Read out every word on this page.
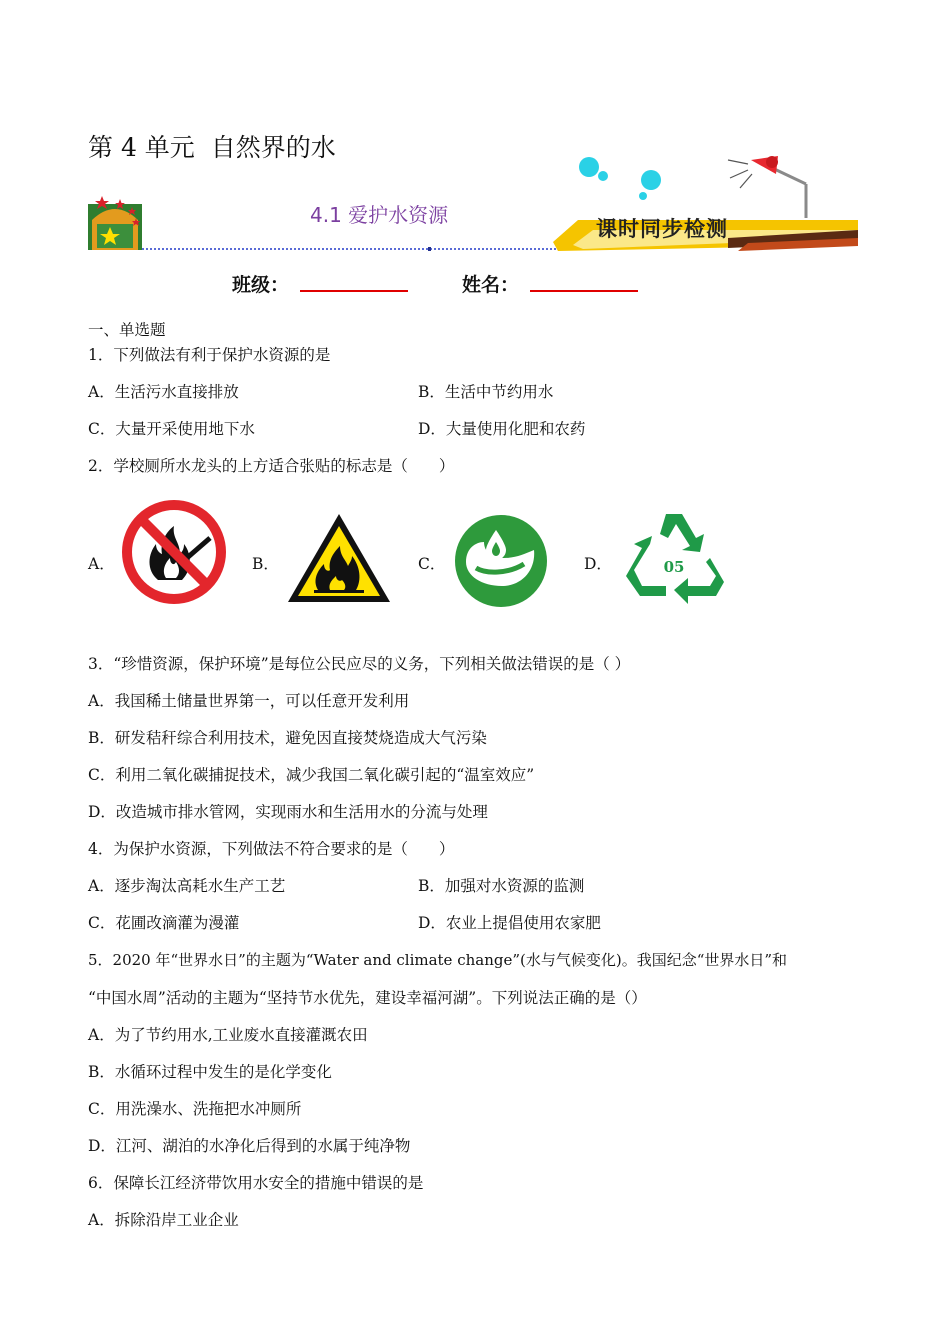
第 4 单元  自然界的水
4.1 爱护水资源
课时同步检测
班级：	姓名：
一、单选题
1．下列做法有利于保护水资源的是
A．生活污水直接排放	B．生活中节约用水
C．大量开采使用地下水	D．大量使用化肥和农药
2．学校厕所水龙头的上方适合张贴的标志是（　　）
A．	B．	C．	D．	05
3．“珍惜资源，保护环境”是每位公民应尽的义务，下列相关做法错误的是（ ）
A．我国稀土储量世界第一，可以任意开发利用
B．研发秸秆综合利用技术，避免因直接焚烧造成大气污染
C．利用二氧化碳捕捉技术，减少我国二氧化碳引起的“温室效应”
D．改造城市排水管网，实现雨水和生活用水的分流与处理
4．为保护水资源，下列做法不符合要求的是（　　）
A．逐步淘汰高耗水生产工艺	B．加强对水资源的监测
C．花圃改滴灌为漫灌	D．农业上提倡使用农家肥
5．2020 年“世界水日”的主题为“Water and climate change”(水与气候变化)。我国纪念“世界水日”和
“中国水周”活动的主题为“坚持节水优先，建设幸福河湖”。下列说法正确的是（）
A．为了节约用水,工业废水直接灌溉农田
B．水循环过程中发生的是化学变化
C．用洗澡水、洗拖把水冲厕所
D．江河、湖泊的水净化后得到的水属于纯净物
6．保障长江经济带饮用水安全的措施中错误的是
A．拆除沿岸工业企业
